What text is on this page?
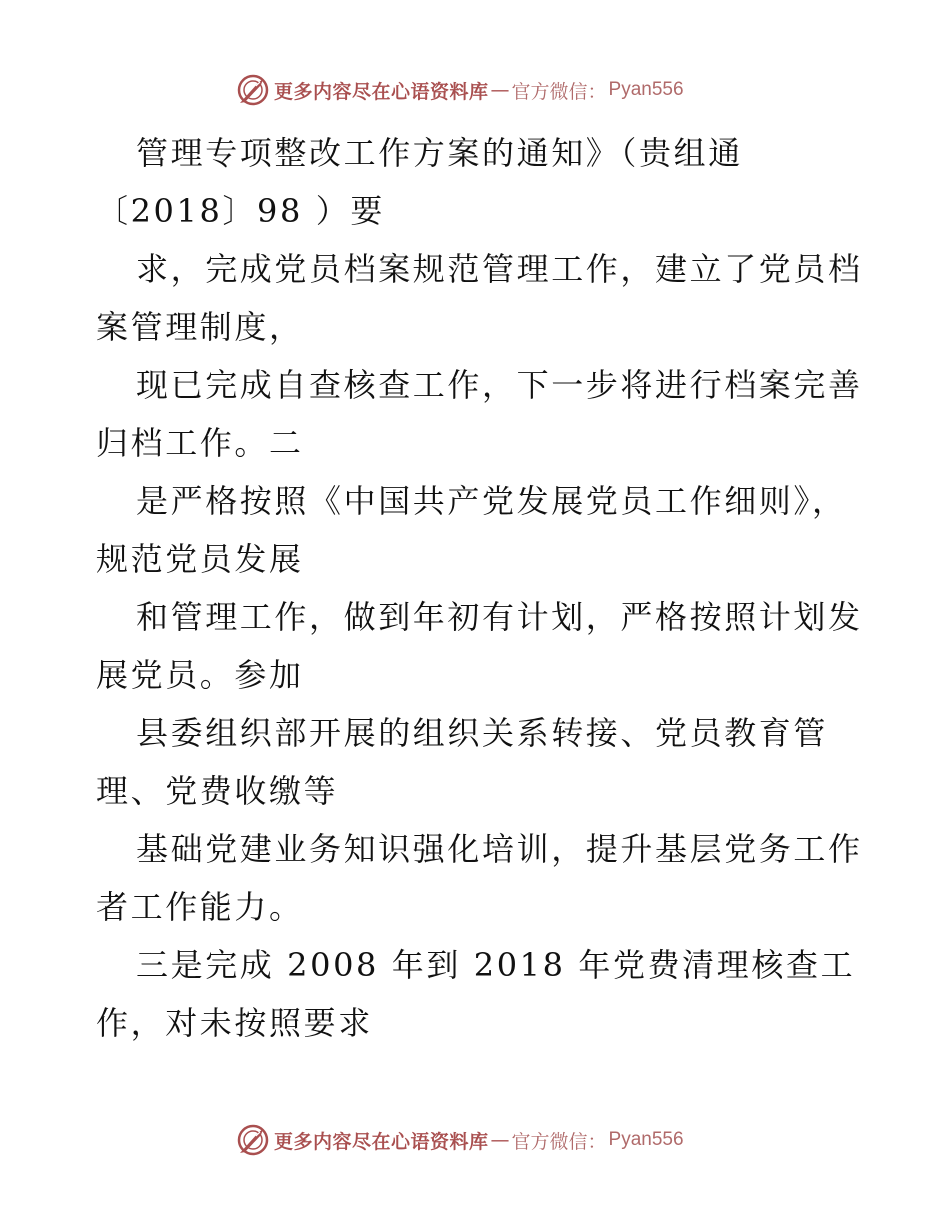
更多内容尽在心语资料库 — 官方微信： Pyan556
管理专项整改工作方案的通知》（贵组通
〔2018〕98 ）要
求，完成党员档案规范管理工作，建立了党员档
案管理制度，
现已完成自查核查工作，下一步将进行档案完善
归档工作。二
是严格按照《中国共产党发展党员工作细则》，
规范党员发展
和管理工作，做到年初有计划，严格按照计划发
展党员。参加
县委组织部开展的组织关系转接、党员教育管
理、党费收缴等
基础党建业务知识强化培训，提升基层党务工作
者工作能力。
三是完成 2008 年到 2018 年党费清理核查工
作，对未按照要求
更多内容尽在心语资料库 — 官方微信： Pyan556
